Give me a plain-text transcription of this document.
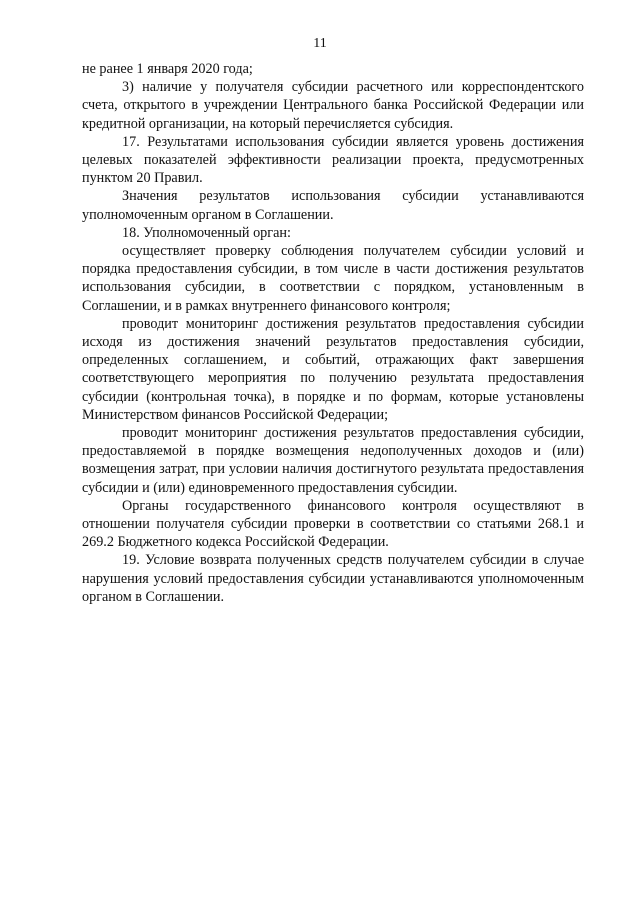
11

не ранее 1 января 2020 года;

3) наличие у получателя субсидии расчетного или корреспондентского счета, открытого в учреждении Центрального банка Российской Федерации или кредитной организации, на который перечисляется субсидия.

17. Результатами использования субсидии является уровень достижения целевых показателей эффективности реализации проекта, предусмотренных пунктом 20 Правил.

Значения результатов использования субсидии устанавливаются уполномоченным органом в Соглашении.

18. Уполномоченный орган:

осуществляет проверку соблюдения получателем субсидии условий и порядка предоставления субсидии, в том числе в части достижения результатов использования субсидии, в соответствии с порядком, установленным в Соглашении, и в рамках внутреннего финансового контроля;

проводит мониторинг достижения результатов предоставления субсидии исходя из достижения значений результатов предоставления субсидии, определенных соглашением, и событий, отражающих факт завершения соответствующего мероприятия по получению результата предоставления субсидии (контрольная точка), в порядке и по формам, которые установлены Министерством финансов Российской Федерации;

проводит мониторинг достижения результатов предоставления субсидии, предоставляемой в порядке возмещения недополученных доходов и (или) возмещения затрат, при условии наличия достигнутого результата предоставления субсидии и (или) единовременного предоставления субсидии.

Органы государственного финансового контроля осуществляют в отношении получателя субсидии проверки в соответствии со статьями 268.1 и 269.2 Бюджетного кодекса Российской Федерации.

19. Условие возврата полученных средств получателем субсидии в случае нарушения условий предоставления субсидии устанавливаются уполномоченным органом в Соглашении.
